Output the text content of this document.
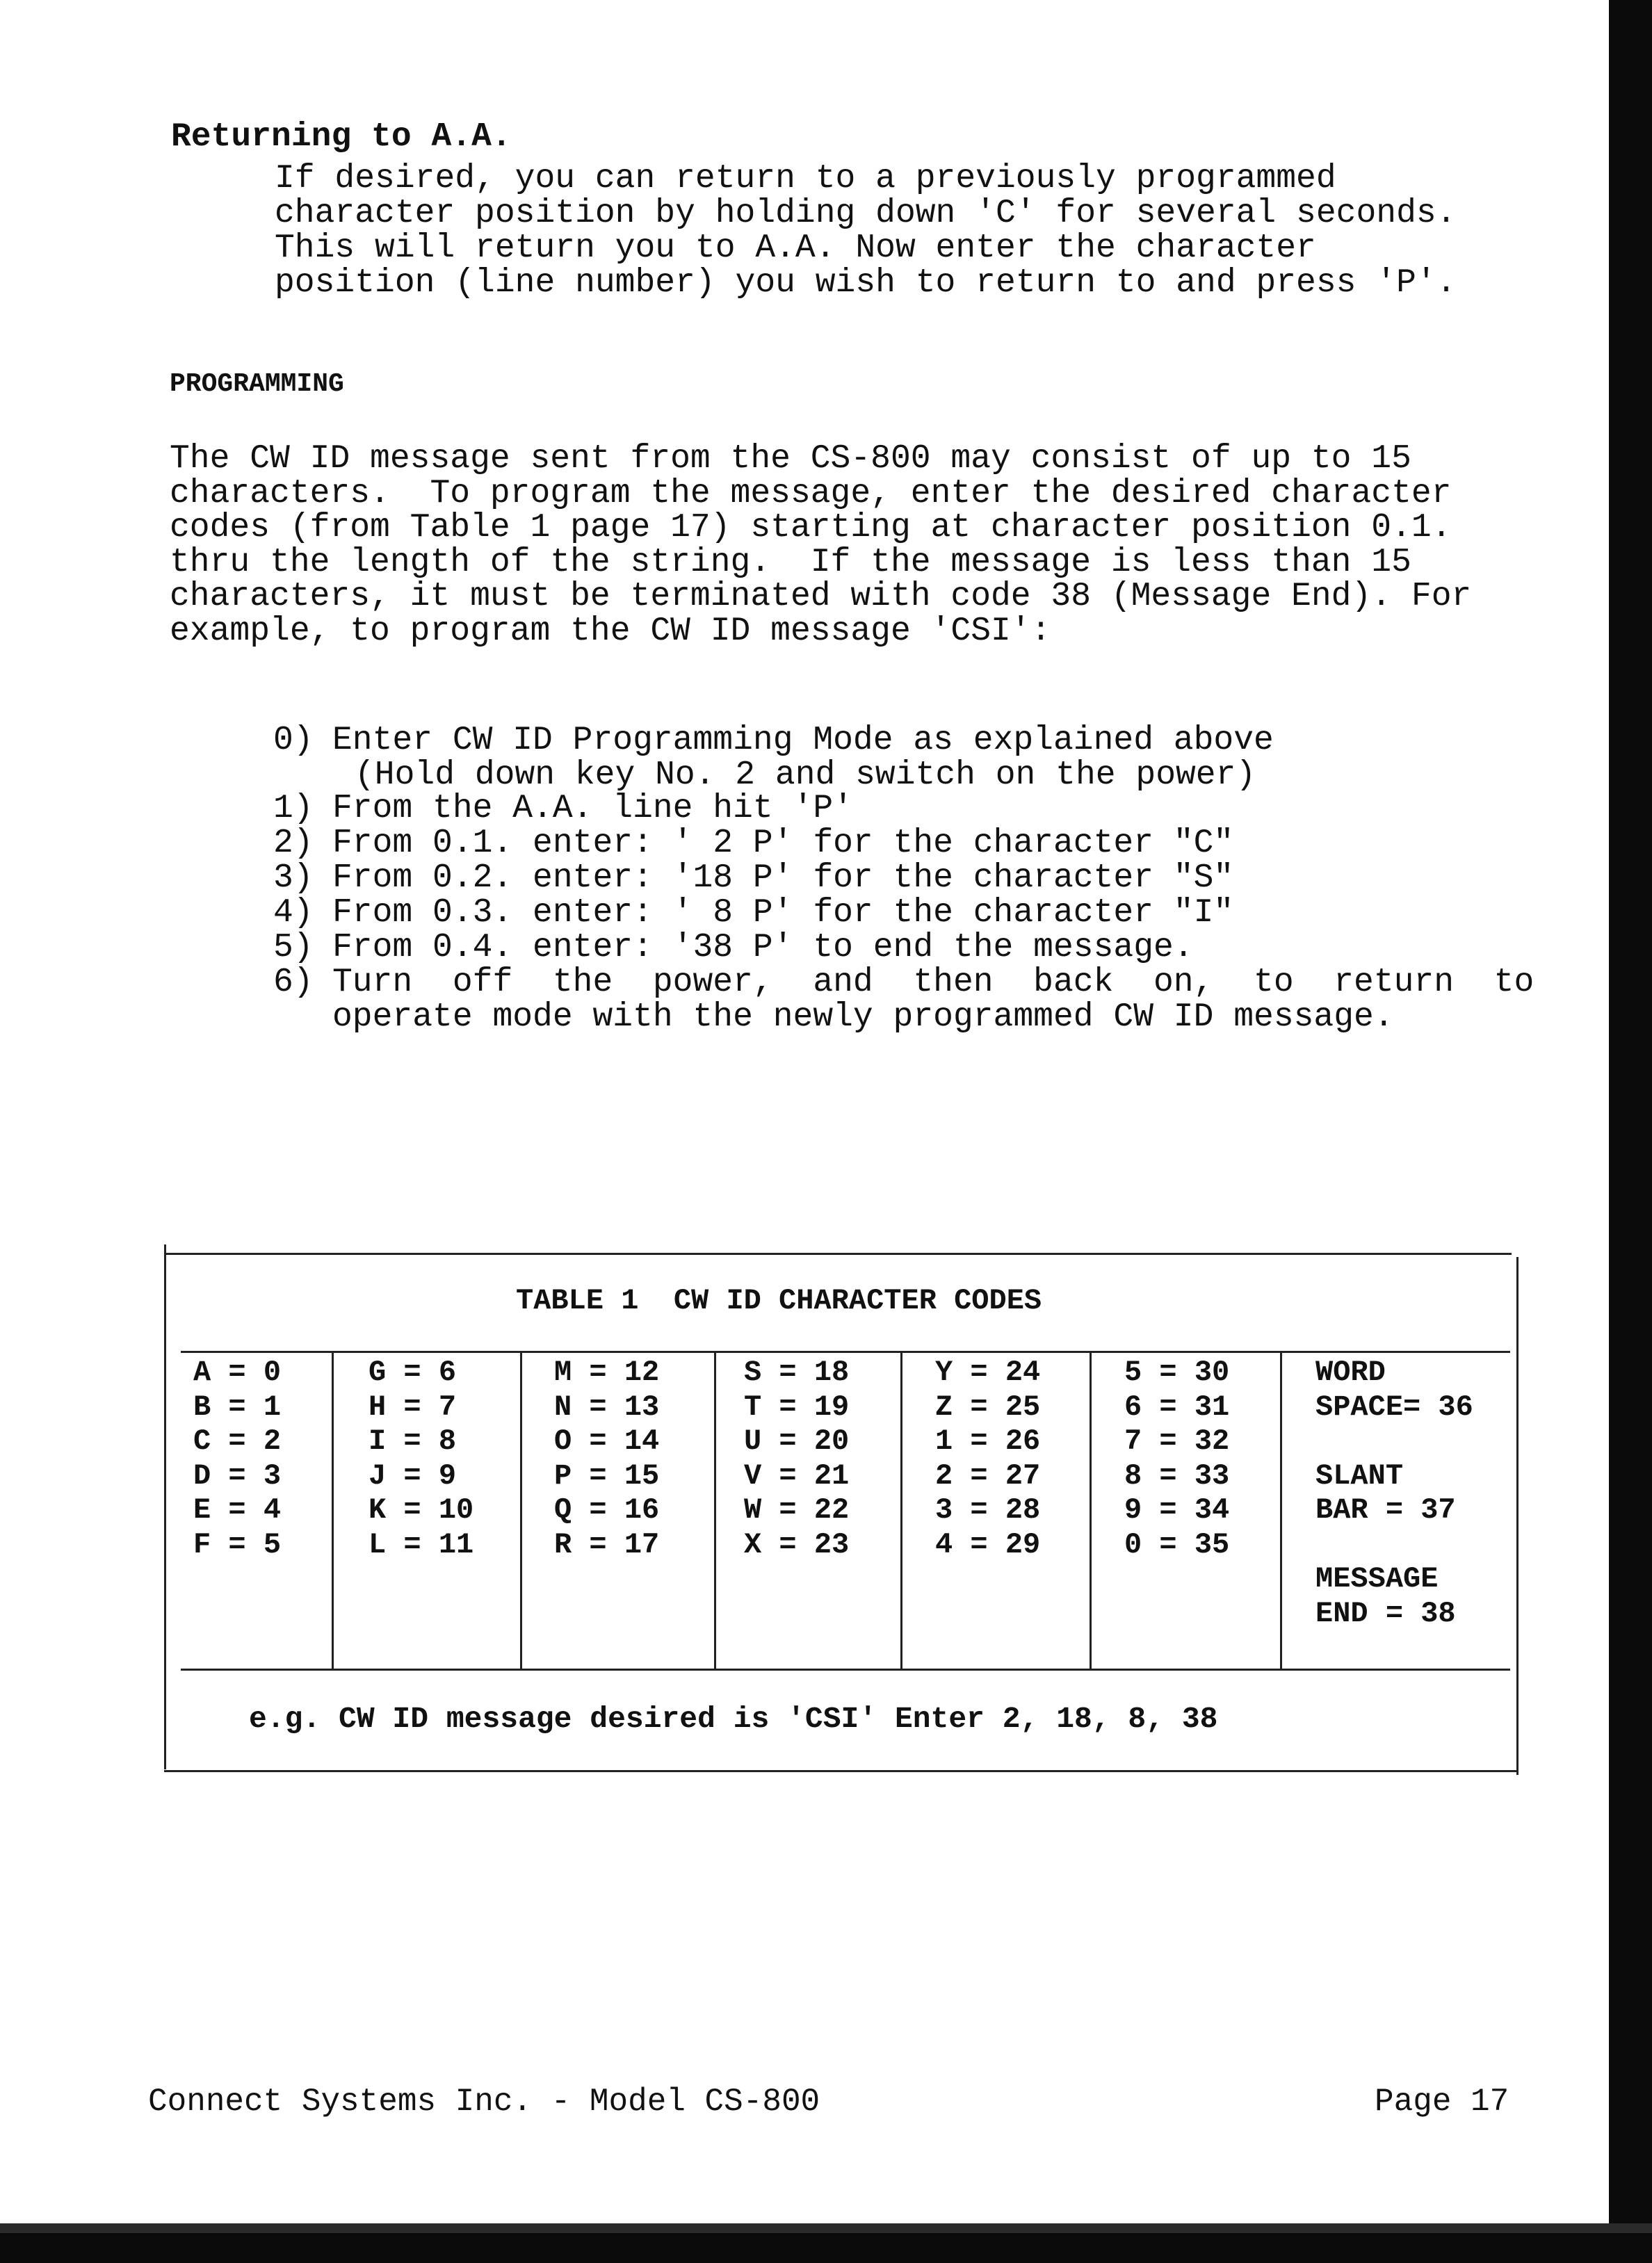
Returning to A.A.
If desired, you can return to a previously programmed
character position by holding down 'C' for several seconds.
This will return you to A.A. Now enter the character
position (line number) you wish to return to and press 'P'.
PROGRAMMING
The CW ID message sent from the CS-800 may consist of up to 15
characters.  To program the message, enter the desired character
codes (from Table 1 page 17) starting at character position 0.1.
thru the length of the string.  If the message is less than 15
characters, it must be terminated with code 38 (Message End). For
example, to program the CW ID message 'CSI':
0) Enter CW ID Programming Mode as explained above
(Hold down key No. 2 and switch on the power)
1) From the A.A. line hit 'P'
2) From 0.1. enter: ' 2 P' for the character "C"
3) From 0.2. enter: '18 P' for the character "S"
4) From 0.3. enter: ' 8 P' for the character "I"
5) From 0.4. enter: '38 P' to end the message.
6) Turn  off  the  power,  and  then  back  on,  to  return  to
operate mode with the newly programmed CW ID message.
TABLE 1  CW ID CHARACTER CODES
A = 0
B = 1
C = 2
D = 3
E = 4
F = 5
G = 6
H = 7
I = 8
J = 9
K = 10
L = 11
M = 12
N = 13
O = 14
P = 15
Q = 16
R = 17
S = 18
T = 19
U = 20
V = 21
W = 22
X = 23
Y = 24
Z = 25
1 = 26
2 = 27
3 = 28
4 = 29
5 = 30
6 = 31
7 = 32
8 = 33
9 = 34
0 = 35
WORD
SPACE= 36

SLANT
BAR = 37

MESSAGE
END = 38
e.g. CW ID message desired is 'CSI' Enter 2, 18, 8, 38
Connect Systems Inc. - Model CS-800	Page 17
